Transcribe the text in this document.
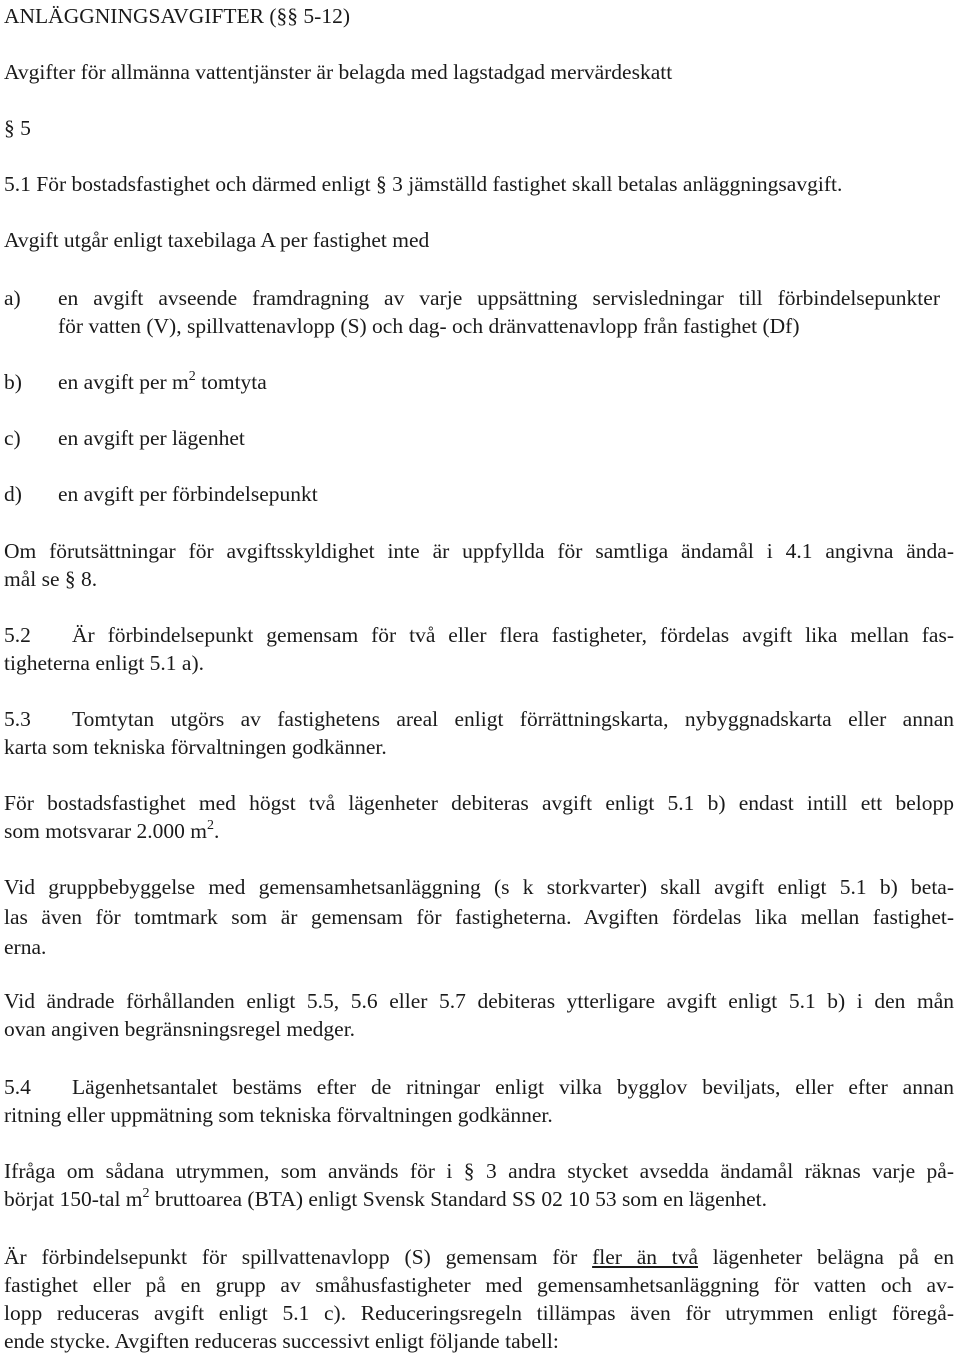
ANLÄGGNINGSAVGIFTER (§§ 5-12)
Avgifter för allmänna vattentjänster är belagda med lagstadgad mervärdeskatt
§ 5
5.1 För bostadsfastighet och därmed enligt § 3 jämställd fastighet skall betalas anläggningsavgift.
Avgift utgår enligt taxebilaga A per fastighet med
a) en avgift avseende framdragning av varje uppsättning servisledningar till förbindelsepunkter
för vatten (V), spillvattenavlopp (S) och dag- och dränvattenavlopp från fastighet (Df)
b) en avgift per $m^2$ tomtyta
c) en avgift per lägenhet
d) en avgift per förbindelsepunkt
Om förutsättningar för avgiftsskyldighet inte är uppfyllda för samtliga ändamål i 4.1 angivna ända-
mål se § 8.
5.2 Är förbindelsepunkt gemensam för två eller flera fastigheter, fördelas avgift lika mellan fas-
tigheterna enligt 5.1 a).
5.3 Tomtytan utgörs av fastighetens areal enligt förrättningskarta, nybyggnadskarta eller annan
karta som tekniska förvaltningen godkänner.
För bostadsfastighet med högst två lägenheter debiteras avgift enligt 5.1 b) endast intill ett belopp
som motsvarar 2.000 $m^2$.
Vid gruppbebyggelse med gemensamhetsanläggning (s k storkvarter) skall avgift enligt 5.1 b) beta-
las även för tomtmark som är gemensam för fastigheterna. Avgiften fördelas lika mellan fastighet-
erna.
Vid ändrade förhållanden enligt 5.5, 5.6 eller 5.7 debiteras ytterligare avgift enligt 5.1 b) i den mån
ovan angiven begränsningsregel medger.
5.4 Lägenhetsantalet bestäms efter de ritningar enligt vilka bygglov beviljats, eller efter annan
ritning eller uppmätning som tekniska förvaltningen godkänner.
Ifråga om sådana utrymmen, som används för i § 3 andra stycket avsedda ändamål räknas varje på-
börjat 150-tal $m^2$ bruttoarea (BTA) enligt Svensk Standard SS 02 10 53 som en lägenhet.
Är förbindelsepunkt för spillvattenavlopp (S) gemensam för fler än två lägenheter belägna på en
fastighet eller på en grupp av småhusfastigheter med gemensamhetsanläggning för vatten och av-
lopp reduceras avgift enligt 5.1 c). Reduceringsregeln tillämpas även för utrymmen enligt föregå-
ende stycke. Avgiften reduceras successivt enligt följande tabell:
